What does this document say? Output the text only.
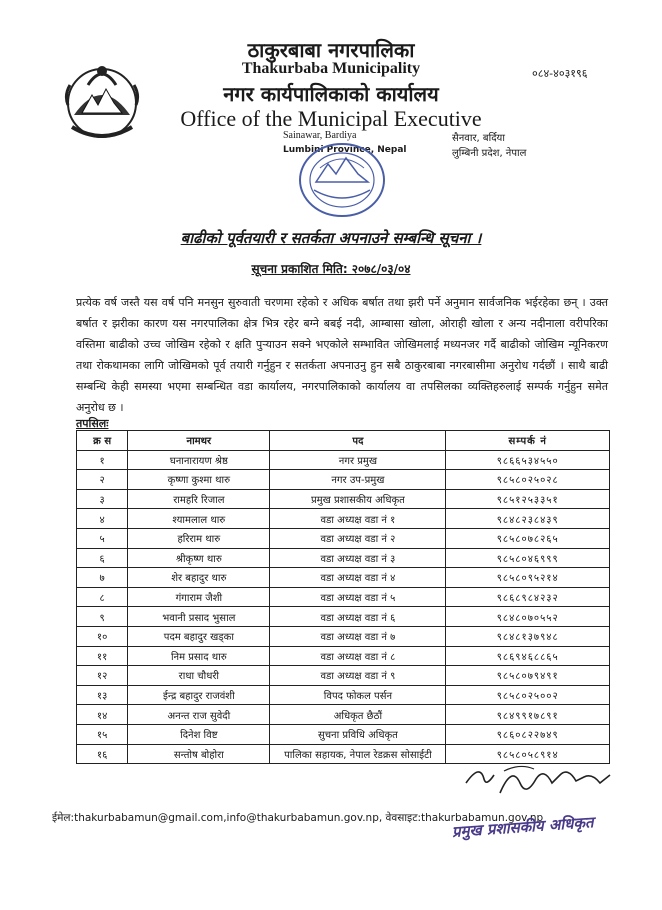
ठाकुरबाबा नगरपालिका
Thakurbaba Municipality
नगर कार्यपालिकाको कार्यालय
Office of the Municipal Executive
०८४-४०३१९६
Sainawar, Bardiya
Lumbini Province, Nepal
सैनवार, बर्दिया
लुम्बिनी प्रदेश, नेपाल
बाढीको पूर्वतयारी र सतर्कता अपनाउने सम्बन्धि सूचना ।
सूचना प्रकाशित मिति: २०७८/०३/०४

प्रत्येक वर्ष जस्तै यस वर्ष पनि मनसुन सुरुवाती चरणमा रहेको र अधिक बर्षात तथा झरी पर्ने अनुमान सार्वजनिक भईरहेका छन् । उक्त बर्षात र झरीका कारण यस नगरपालिका क्षेत्र भित्र रहेर बग्ने बबई नदी, आम्बासा खोला, ओराही खोला र अन्य नदीनाला वरीपरिका वस्तिमा बाढीको उच्च जोखिम रहेको र क्षति पुऱ्याउन सक्ने भएकोले सम्भावित जोखिमलाई मध्यनजर गर्दै बाढीको जोखिम न्यूनिकरण तथा रोकथामका लागि जोखिमको पूर्व तयारी गर्नुहुन र सतर्कता अपनाउनु हुन सबै ठाकुरबाबा नगरबासीमा अनुरोध गर्दछौं । साथै बाढी सम्बन्धि केही समस्या भएमा सम्बन्धित वडा कार्यालय, नगरपालिकाको कार्यालय वा तपसिलका व्यक्तिहरुलाई सम्पर्क गर्नुहुन समेत अनुरोध छ ।

तपसिलः
क्र स	नामथर	पद	सम्पर्क नं
१	घनानारायण श्रेष्ठ	नगर प्रमुख	९८६६५३४५५०
२	कृष्णा कुश्मा थारु	नगर उप-प्रमुख	९८५८०२५०२८
३	रामहरि रिजाल	प्रमुख प्रशासकीय अधिकृत	९८५१२५३३५१
४	श्यामलाल थारु	वडा अध्यक्ष वडा नं १	९८४८२३८४३९
५	हरिराम थारु	वडा अध्यक्ष वडा नं २	९८५८०७८२६५
६	श्रीकृष्ण थारु	वडा अध्यक्ष वडा नं ३	९८५८०४६९९९
७	शेर बहादुर थारु	वडा अध्यक्ष वडा नं ४	९८५८०९५२१४
८	गंगाराम जैशी	वडा अध्यक्ष वडा नं ५	९८६८९८४२३२
९	भवानी प्रसाद भुसाल	वडा अध्यक्ष वडा नं ६	९८४८०७०५५२
१०	पदम बहादुर खड्का	वडा अध्यक्ष वडा नं ७	९८४८१३७९४८
११	निम प्रसाद थारु	वडा अध्यक्ष वडा नं ८	९८६९४६८८६५
१२	राधा चौधरी	वडा अध्यक्ष वडा नं ९	९८५८०७९४९१
१३	ईन्द्र बहादुर राजवंशी	विपद फोकल पर्सन	९८५८०२५००२
१४	अनन्त राज सुवेदी	अधिकृत छैठौं	९८४९९१७८९१
१५	दिनेश विष्ट	सुचना प्रविधि अधिकृत	९८६०८२२७४९
१६	सन्तोष बोहोरा	पालिका सहायक, नेपाल रेडक्रस सोसाईटी	९८५८०५८९१४
ईमेल:thakurbabamun@gmail.com,info@thakurbabamun.gov.np, वेवसाइट:thakurbabamun.gov.np
प्रमुख प्रशासकीय अधिकृत
